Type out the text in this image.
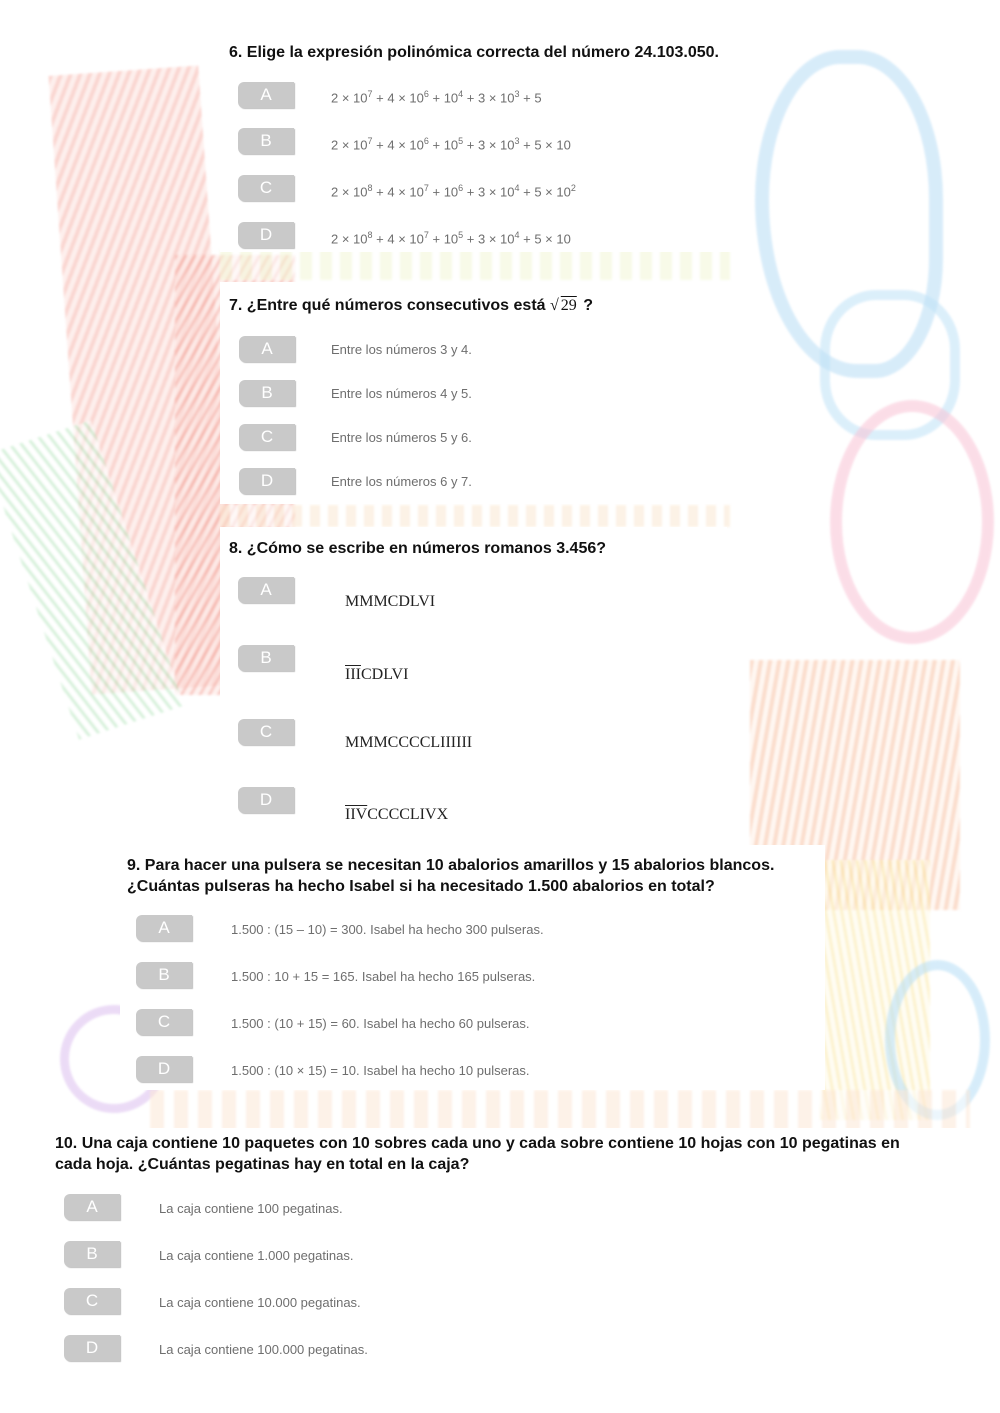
6. Elige la expresión polinómica correcta del número 24.103.050.
A	$2 \times 10^7 + 4 \times 10^6 + 10^4 + 3 \times 10^3 + 5$
B	$2 \times 10^7 + 4 \times 10^6 + 10^5 + 3 \times 10^3 + 5 \times 10$
C	$2 \times 10^8 + 4 \times 10^7 + 10^6 + 3 \times 10^4 + 5 \times 10^2$
D	$2 \times 10^8 + 4 \times 10^7 + 10^5 + 3 \times 10^4 + 5 \times 10$
7. ¿Entre qué números consecutivos está √ 29 ?
A	Entre los números 3 y 4.
B	Entre los números 4 y 5.
C	Entre los números 5 y 6.
D	Entre los números 6 y 7.
8. ¿Cómo se escribe en números romanos 3.456?
A
MMMCDLVI
B
$\overline{III}CDLVI$
C
MMMCCCCLIIIIII
D
$\overline{IIV}CCCCLIVX$
9. Para hacer una pulsera se necesitan 10 abalorios amarillos y 15 abalorios blancos.
¿Cuántas pulseras ha hecho Isabel si ha necesitado 1.500 abalorios en total?
A	1.500 : (15 – 10) = 300. Isabel ha hecho 300 pulseras.
B	1.500 : 10 + 15 = 165. Isabel ha hecho 165 pulseras.
C	1.500 : (10 + 15) = 60. Isabel ha hecho 60 pulseras.
D	1.500 : (10 × 15) = 10. Isabel ha hecho 10 pulseras.
10. Una caja contiene 10 paquetes con 10 sobres cada uno y cada sobre contiene 10 hojas con 10 pegatinas en
cada hoja. ¿Cuántas pegatinas hay en total en la caja?
A	La caja contiene 100 pegatinas.
B	La caja contiene 1.000 pegatinas.
C	La caja contiene 10.000 pegatinas.
D	La caja contiene 100.000 pegatinas.
